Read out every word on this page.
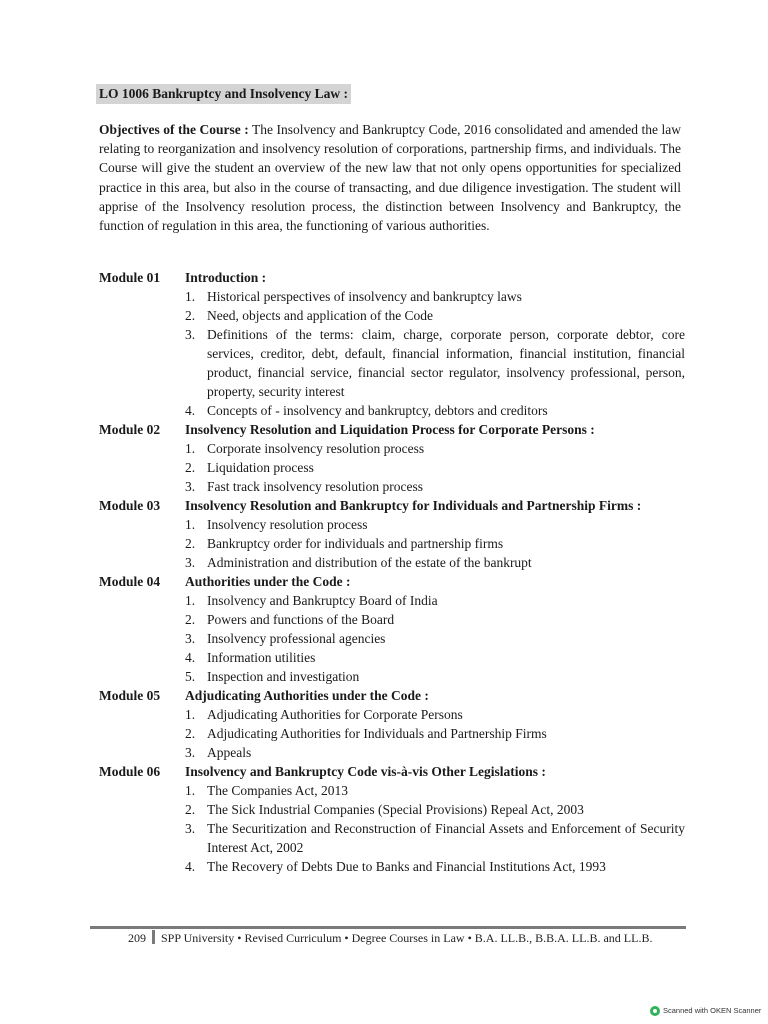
LO 1006 Bankruptcy and Insolvency Law :

Objectives of the Course : The Insolvency and Bankruptcy Code, 2016 consolidated and amended the law relating to reorganization and insolvency resolution of corporations, partnership firms, and individuals. The Course will give the student an overview of the new law that not only opens opportunities for specialized practice in this area, but also in the course of transacting, and due diligence investigation. The student will apprise of the Insolvency resolution process, the distinction between Insolvency and Bankruptcy, the function of regulation in this area, the functioning of various authorities.

Module 01	Introduction :
1. Historical perspectives of insolvency and bankruptcy laws
2. Need, objects and application of the Code
3. Definitions of the terms: claim, charge, corporate person, corporate debtor, core services, creditor, debt, default, financial information, financial institution, financial product, financial service, financial sector regulator, insolvency professional, person, property, security interest
4. Concepts of - insolvency and bankruptcy, debtors and creditors
Module 02	Insolvency Resolution and Liquidation Process for Corporate Persons :
1. Corporate insolvency resolution process
2. Liquidation process
3. Fast track insolvency resolution process
Module 03	Insolvency Resolution and Bankruptcy for Individuals and Partnership Firms :
1. Insolvency resolution process
2. Bankruptcy order for individuals and partnership firms
3. Administration and distribution of the estate of the bankrupt
Module 04	Authorities under the Code :
1. Insolvency and Bankruptcy Board of India
2. Powers and functions of the Board
3. Insolvency professional agencies
4. Information utilities
5. Inspection and investigation
Module 05	Adjudicating Authorities under the Code :
1. Adjudicating Authorities for Corporate Persons
2. Adjudicating Authorities for Individuals and Partnership Firms
3. Appeals
Module 06	Insolvency and Bankruptcy Code vis-à-vis Other Legislations :
1. The Companies Act, 2013
2. The Sick Industrial Companies (Special Provisions) Repeal Act, 2003
3. The Securitization and Reconstruction of Financial Assets and Enforcement of Security Interest Act, 2002
4. The Recovery of Debts Due to Banks and Financial Institutions Act, 1993
209 SPP University • Revised Curriculum • Degree Courses in Law • B.A. LL.B., B.B.A. LL.B. and LL.B.
Scanned with OKEN Scanner
